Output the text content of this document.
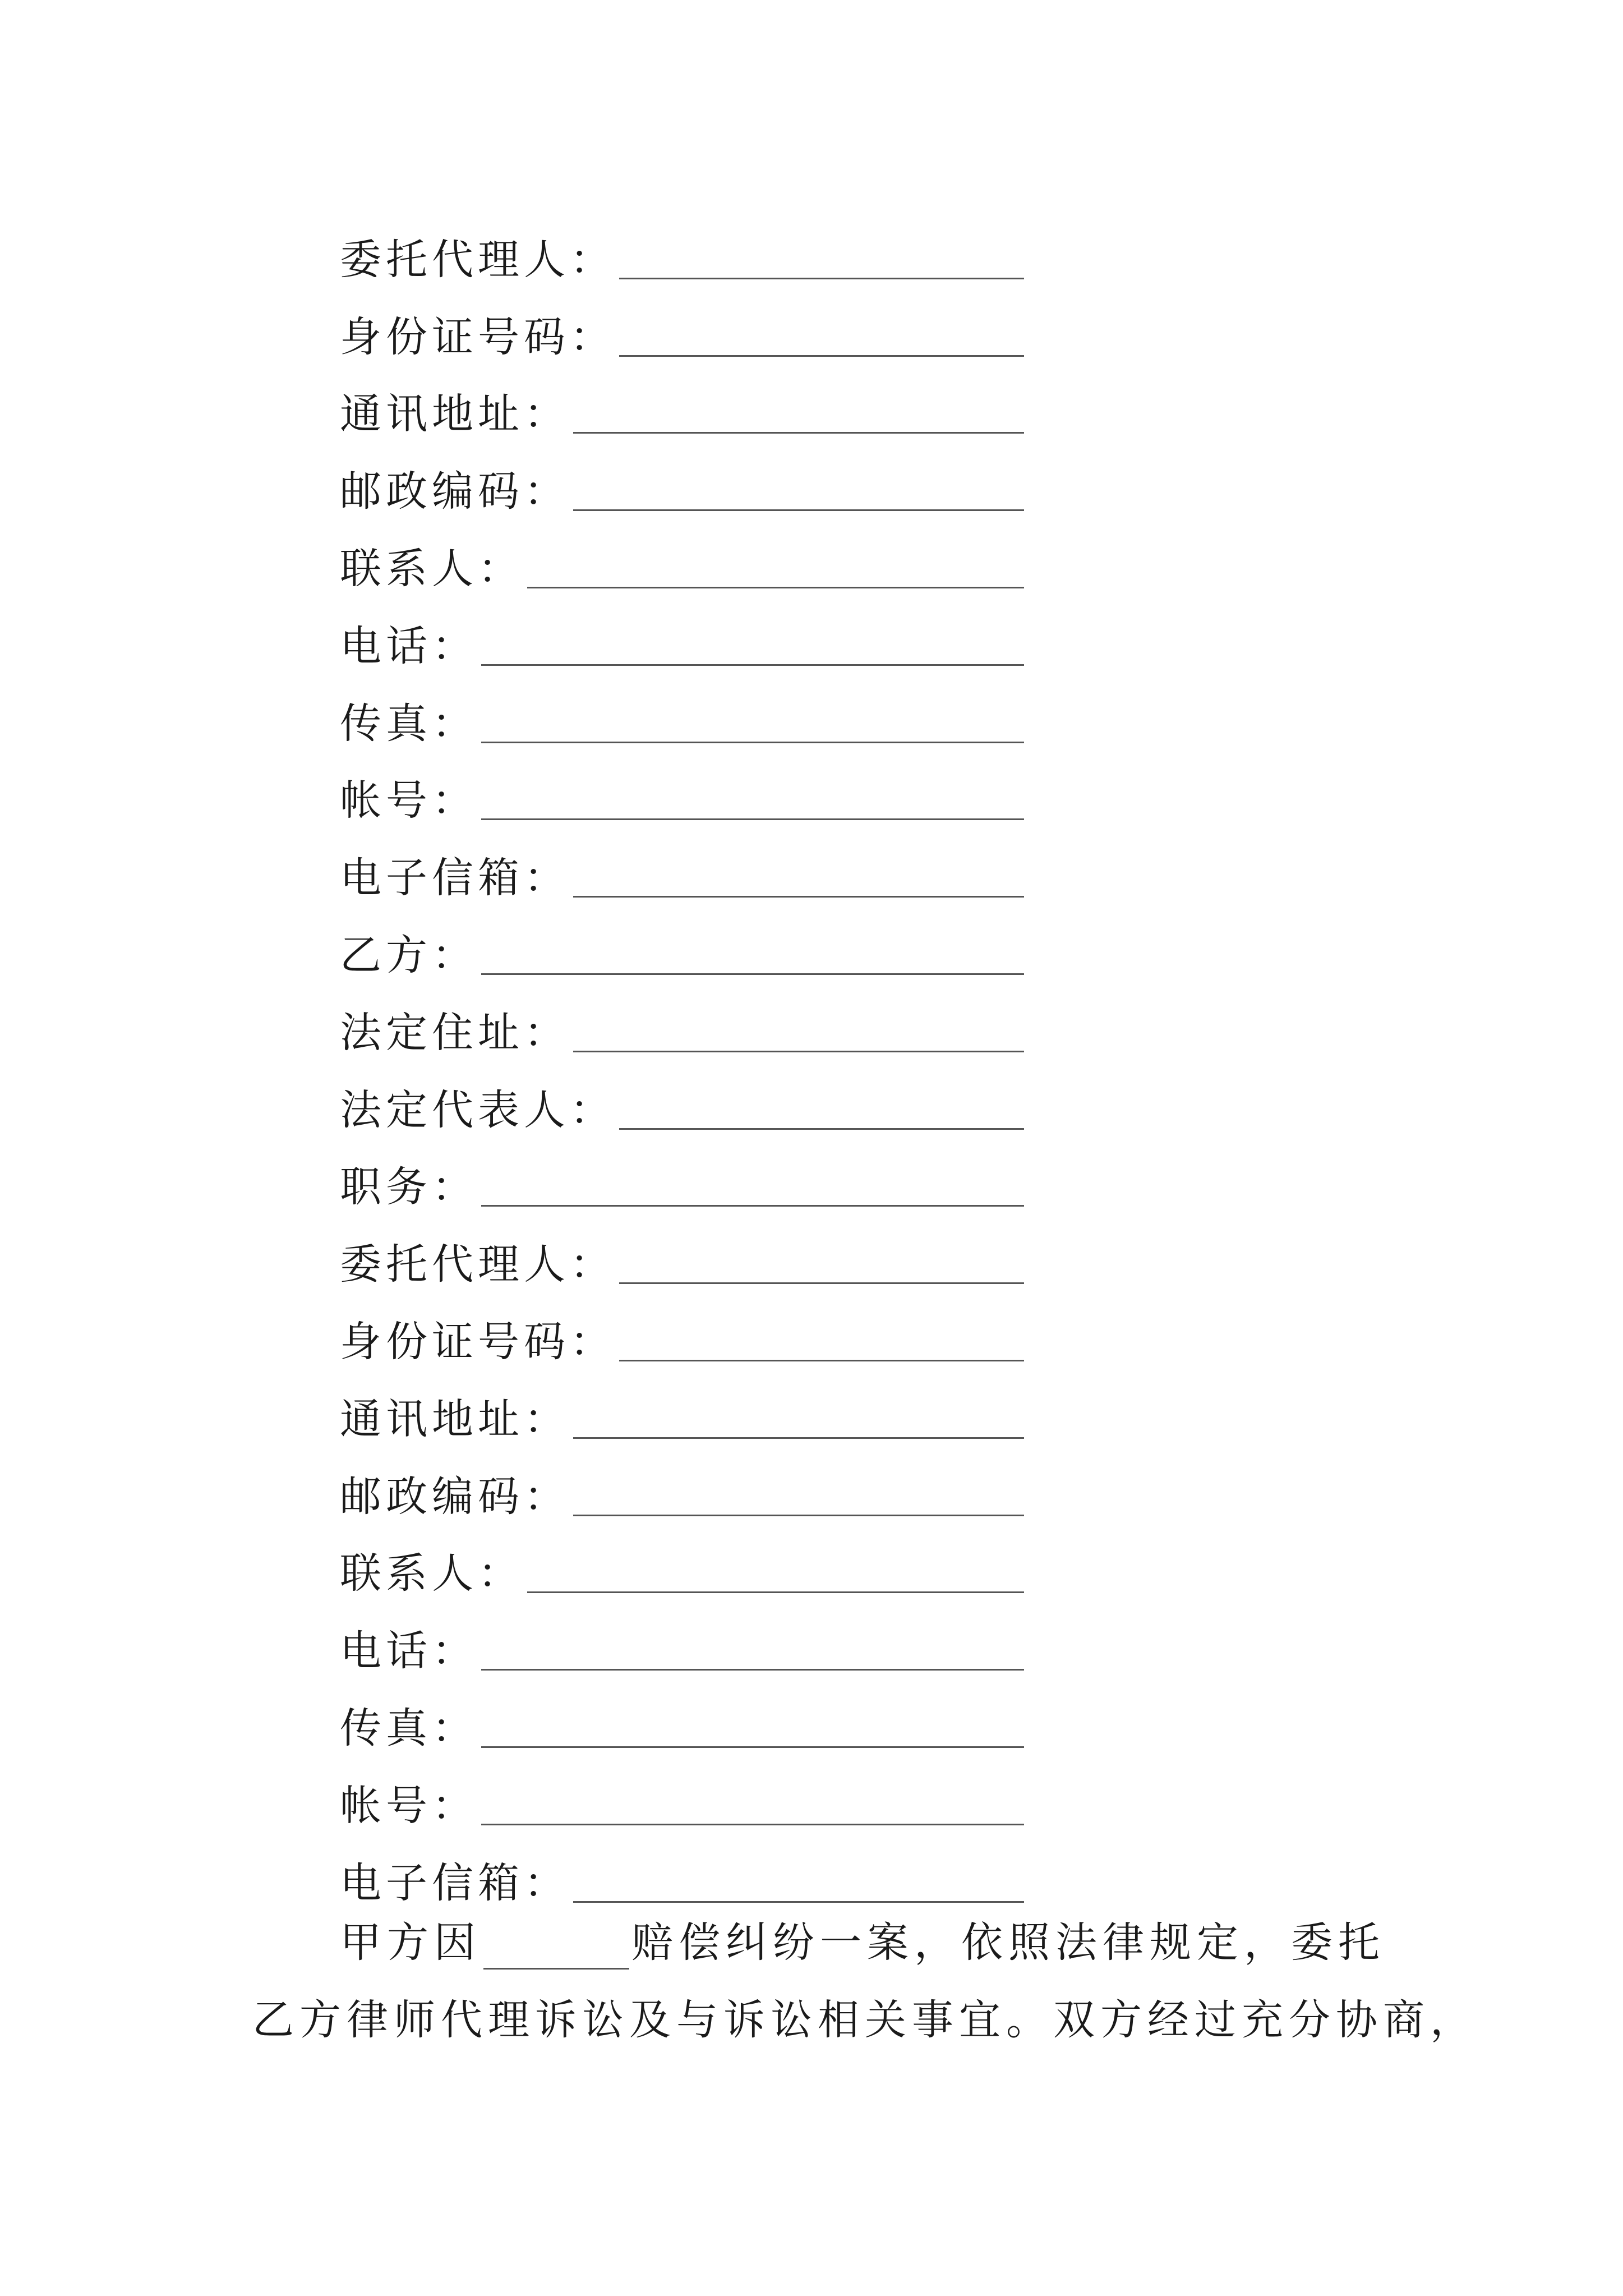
委托代理人：
身份证号码：
通讯地址：
邮政编码：
联系人：
电话：
传真：
帐号：
电子信箱：
乙方：
法定住址：
法定代表人：
职务：
委托代理人：
身份证号码：
通讯地址：
邮政编码：
联系人：
电话：
传真：
帐号：
电子信箱：
甲方因	赔偿纠纷一案，依照法律规定，委托
乙方律师代理诉讼及与诉讼相关事宜。双方经过充分协商，
